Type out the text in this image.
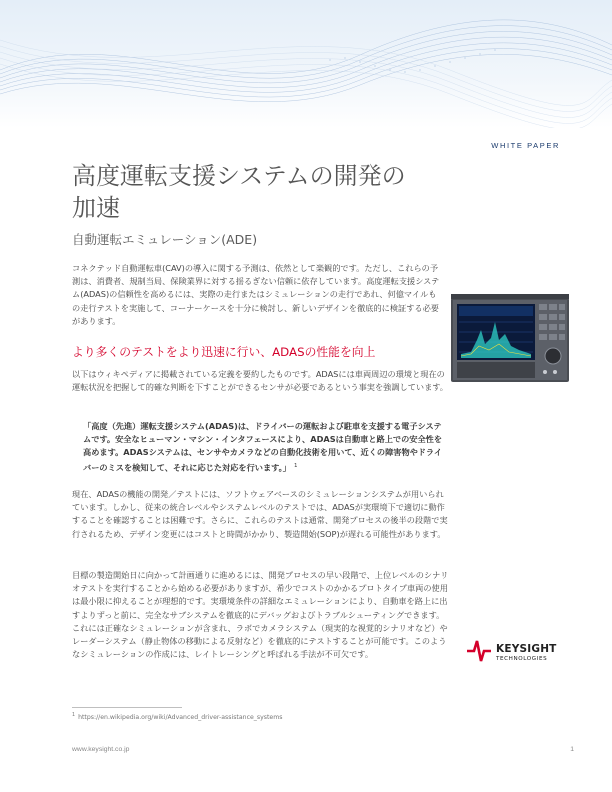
WHITE PAPER
高度運転支援システムの開発の加速
自動運転エミュレーション(ADE)

コネクテッド自動運転車(CAV)の導入に関する予測は、依然として楽観的です。ただし、これらの予測は、消費者、規制当局、保険業界に対する揺るぎない信頼に依存しています。高度運転支援システム(ADAS)の信頼性を高めるには、実際の走行またはシミュレーションの走行であれ、何億マイルもの走行テストを実施して、コーナーケースを十分に検討し、新しいデザインを徹底的に検証する必要があります。

より多くのテストをより迅速に行い、ADASの性能を向上

以下はウィキペディアに掲載されている定義を要約したものです。ADASには車両周辺の環境と現在の運転状況を把握して的確な判断を下すことができるセンサが必要であるという事実を強調しています。

「高度（先進）運転支援システム(ADAS)は、ドライバーの運転および駐車を支援する電子システムです。安全なヒューマン・マシン・インタフェースにより、ADASは自動車と路上での安全性を高めます。ADASシステムは、センサやカメラなどの自動化技術を用いて、近くの障害物やドライバーのミスを検知して、それに応じた対応を行います。」 $^1$

現在、ADASの機能の開発／テストには、ソフトウェアベースのシミュレーションシステムが用いられています。しかし、従来の統合レベルやシステムレベルのテストでは、ADASが実環境下で適切に動作することを確認することは困難です。さらに、これらのテストは通常、開発プロセスの後半の段階で実行されるため、デザイン変更にはコストと時間がかかり、製造開始(SOP)が遅れる可能性があります。

目標の製造開始日に向かって計画通りに進めるには、開発プロセスの早い段階で、上位レベルのシナリオテストを実行することから始める必要がありますが、希少でコストのかかるプロトタイプ車両の使用は最小限に抑えることが理想的です。実環境条件の詳細なエミュレーションにより、自動車を路上に出すよりずっと前に、完全なサブシステムを徹底的にデバッグおよびトラブルシューティングできます。これには正確なシミュレーションが含まれ、ラボでカメラシステム（現実的な視覚的シナリオなど）やレーダーシステム（静止物体の移動による反射など）を徹底的にテストすることが可能です。このようなシミュレーションの作成には、レイトレーシングと呼ばれる手法が不可欠です。	KEYSIGHT
TECHNOLOGIES
$^1$ https://en.wikipedia.org/wiki/Advanced_driver-assistance_systems
www.keysight.co.jp	1
